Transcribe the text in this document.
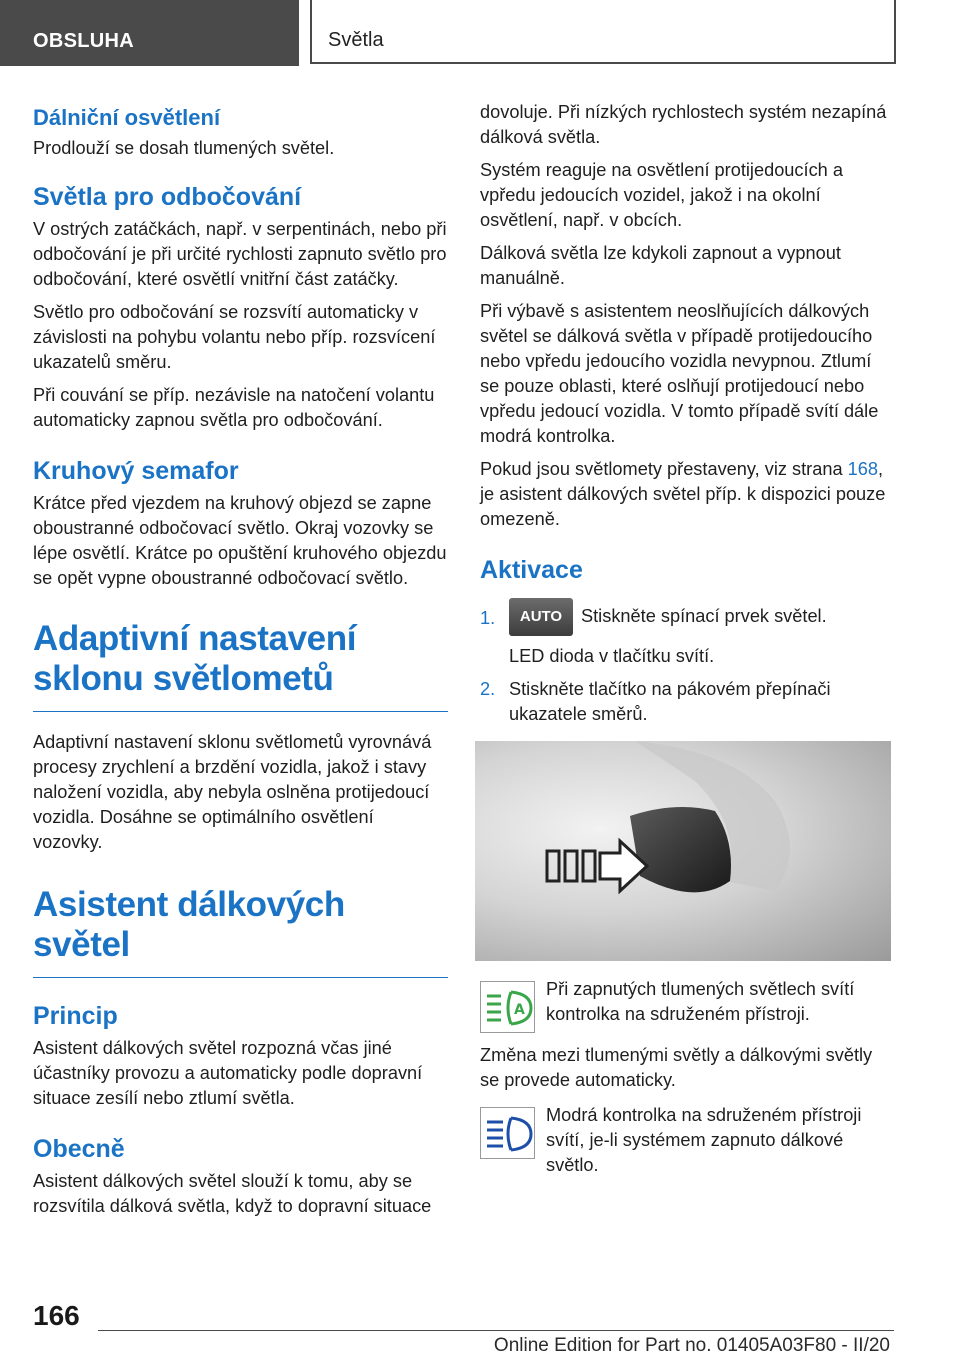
OBSLUHA	Světla
Dálniční osvětlení

Prodlouží se dosah tlumených světel.

Světla pro odbočování

V ostrých zatáčkách, např. v serpentinách, nebo při odbočování je při určité rychlosti zapnuto světlo pro odbočování, které osvětlí vnitřní část zatáčky.

Světlo pro odbočování se rozsvítí automaticky v závislosti na pohybu volantu nebo příp. rozsvícení ukazatelů směru.

Při couvání se příp. nezávisle na natočení volantu automaticky zapnou světla pro odbočování.

Kruhový semafor

Krátce před vjezdem na kruhový objezd se zapne oboustranné odbočovací světlo. Okraj vozovky se lépe osvětlí. Krátce po opuštění kruhového objezdu se opět vypne oboustranné odbočovací světlo.

Adaptivní nastavení sklonu světlometů

Adaptivní nastavení sklonu světlometů vyrovnává procesy zrychlení a brzdění vozidla, jakož i stavy naložení vozidla, aby nebyla oslněna protijedoucí vozidla. Dosáhne se optimálního osvětlení vozovky.

Asistent dálkových světel
Princip

Asistent dálkových světel rozpozná včas jiné účastníky provozu a automaticky podle dopravní situace zesílí nebo ztlumí světla.

Obecně

Asistent dálkových světel slouží k tomu, aby se rozsvítila dálková světla, když to dopravní situace

dovoluje. Při nízkých rychlostech systém nezapíná dálková světla.

Systém reaguje na osvětlení protijedoucích a vpředu jedoucích vozidel, jakož i na okolní osvětlení, např. v obcích.

Dálková světla lze kdykoli zapnout a vypnout manuálně.

Při výbavě s asistentem neoslňujících dálkových světel se dálková světla v případě protijedoucího nebo vpředu jedoucího vozidla nevypnou. Ztlumí se pouze oblasti, které oslňují protijedoucí nebo vpředu jedoucí vozidla. V tomto případě svítí dále modrá kontrolka.

Pokud jsou světlomety přestaveny, viz strana 168, je asistent dálkových světel příp. k dispozici pouze omezeně.

Aktivace
1. AUTO Stiskněte spínací prvek světel.
LED dioda v tlačítku svítí.
2. Stiskněte tlačítko na pákovém přepínači ukazatele směrů.
A
Při zapnutých tlumených světlech svítí kontrolka na sdruženém přístroji.

Změna mezi tlumenými světly a dálkovými světly se provede automaticky.

Modrá kontrolka na sdruženém přístroji svítí, je-li systémem zapnuto dálkové světlo.
166
Online Edition for Part no. 01405A03F80 - II/20
